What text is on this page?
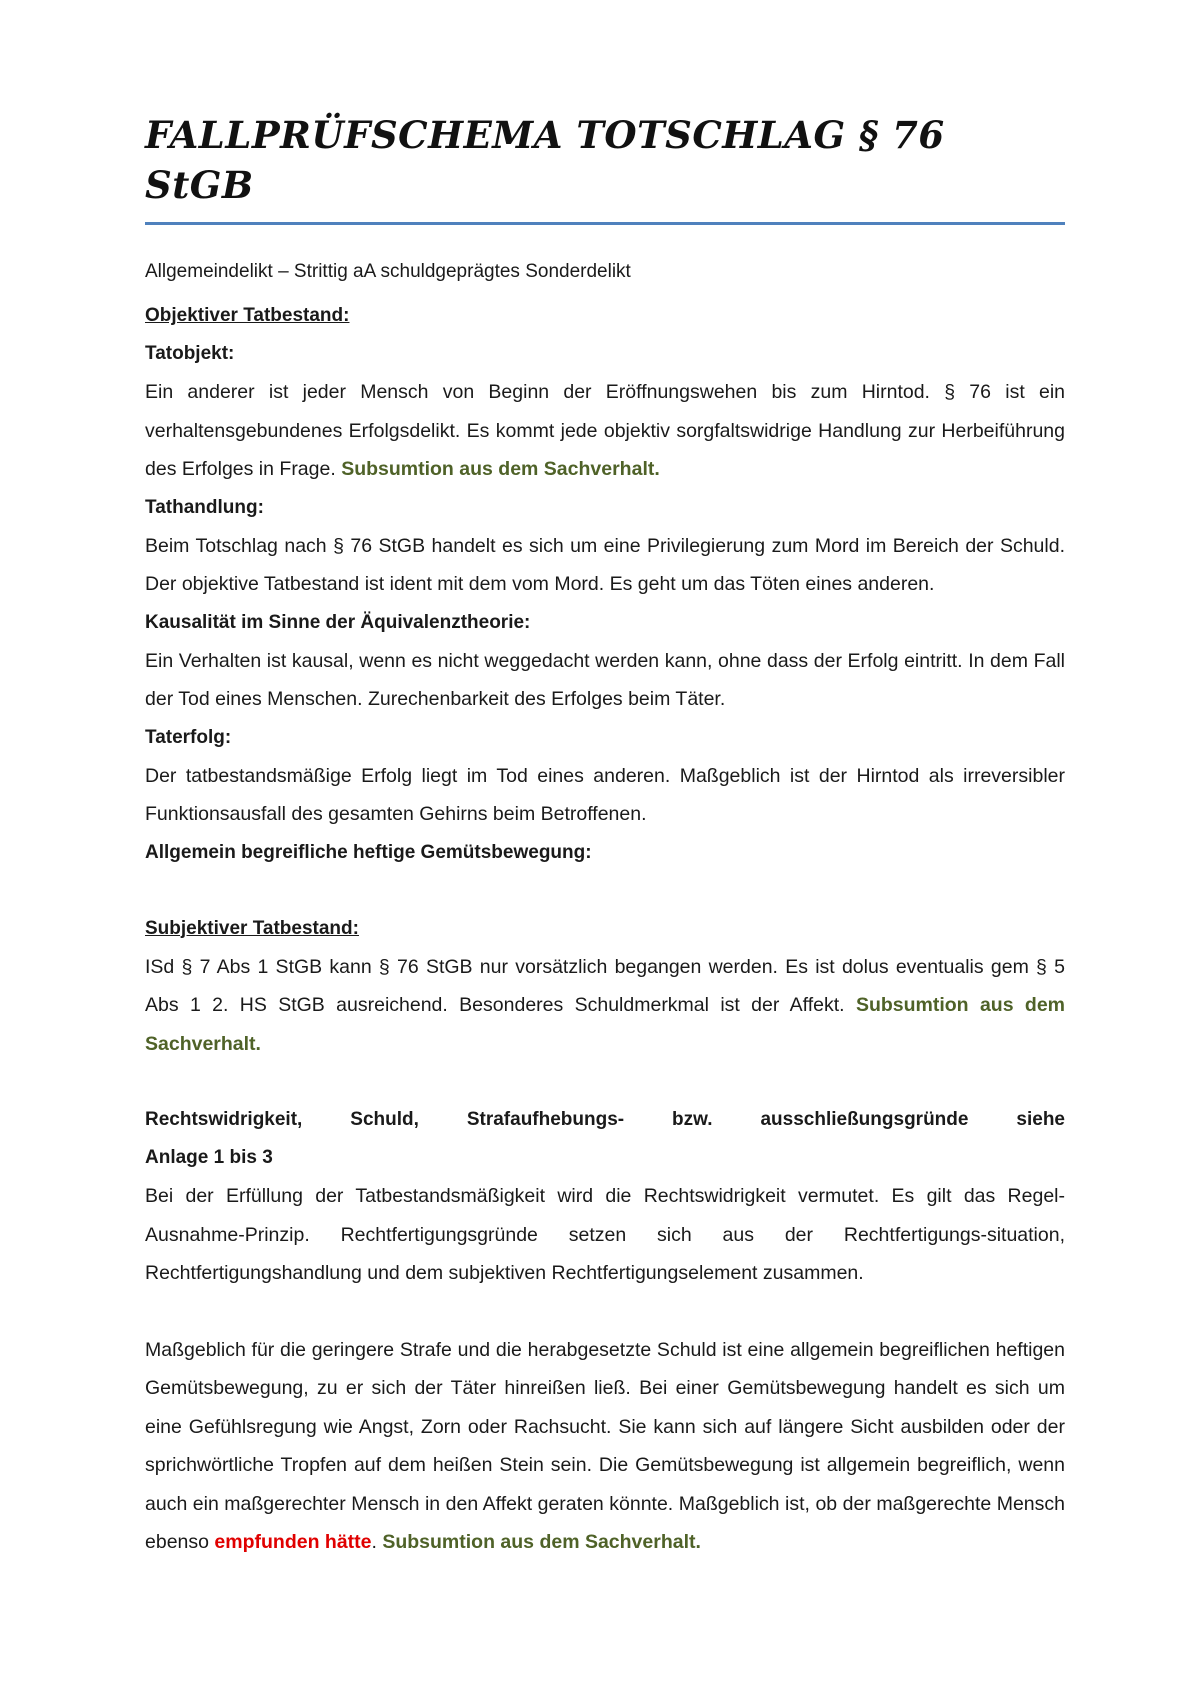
FALLPRÜFSCHEMA TOTSCHLAG § 76 StGB
Allgemeindelikt – Strittig aA schuldgeprägtes Sonderdelikt
Objektiver Tatbestand:
Tatobjekt:
Ein anderer ist jeder Mensch von Beginn der Eröffnungswehen bis zum Hirntod. § 76 ist ein verhaltensgebundenes Erfolgsdelikt. Es kommt jede objektiv sorgfaltswidrige Handlung zur Herbeiführung des Erfolges in Frage. Subsumtion aus dem Sachverhalt.
Tathandlung:
Beim Totschlag nach § 76 StGB handelt es sich um eine Privilegierung zum Mord im Bereich der Schuld. Der objektive Tatbestand ist ident mit dem vom Mord. Es geht um das Töten eines anderen.
Kausalität im Sinne der Äquivalenztheorie:
Ein Verhalten ist kausal, wenn es nicht weggedacht werden kann, ohne dass der Erfolg eintritt. In dem Fall der Tod eines Menschen. Zurechenbarkeit des Erfolges beim Täter.
Taterfolg:
Der tatbestandsmäßige Erfolg liegt im Tod eines anderen. Maßgeblich ist der Hirntod als irreversibler Funktionsausfall des gesamten Gehirns beim Betroffenen.
Allgemein begreifliche heftige Gemütsbewegung:
Subjektiver Tatbestand:
ISd § 7 Abs 1 StGB kann § 76 StGB nur vorsätzlich begangen werden. Es ist dolus eventualis gem § 5 Abs 1 2. HS StGB ausreichend. Besonderes Schuldmerkmal ist der Affekt. Subsumtion aus dem Sachverhalt.
Rechtswidrigkeit, Schuld, Strafaufhebungs- bzw. ausschließungsgründe siehe
Anlage 1 bis 3
Bei der Erfüllung der Tatbestandsmäßigkeit wird die Rechtswidrigkeit vermutet. Es gilt das Regel-Ausnahme-Prinzip. Rechtfertigungsgründe setzen sich aus der Rechtfertigungs-situation, Rechtfertigungshandlung und dem subjektiven Rechtfertigungselement zusammen.
Maßgeblich für die geringere Strafe und die herabgesetzte Schuld ist eine allgemein begreiflichen heftigen Gemütsbewegung, zu er sich der Täter hinreißen ließ. Bei einer Gemütsbewegung handelt es sich um eine Gefühlsregung wie Angst, Zorn oder Rachsucht. Sie kann sich auf längere Sicht ausbilden oder der sprichwörtliche Tropfen auf dem heißen Stein sein. Die Gemütsbewegung ist allgemein begreiflich, wenn auch ein maßgerechter Mensch in den Affekt geraten könnte. Maßgeblich ist, ob der maßgerechte Mensch ebenso empfunden hätte. Subsumtion aus dem Sachverhalt.
